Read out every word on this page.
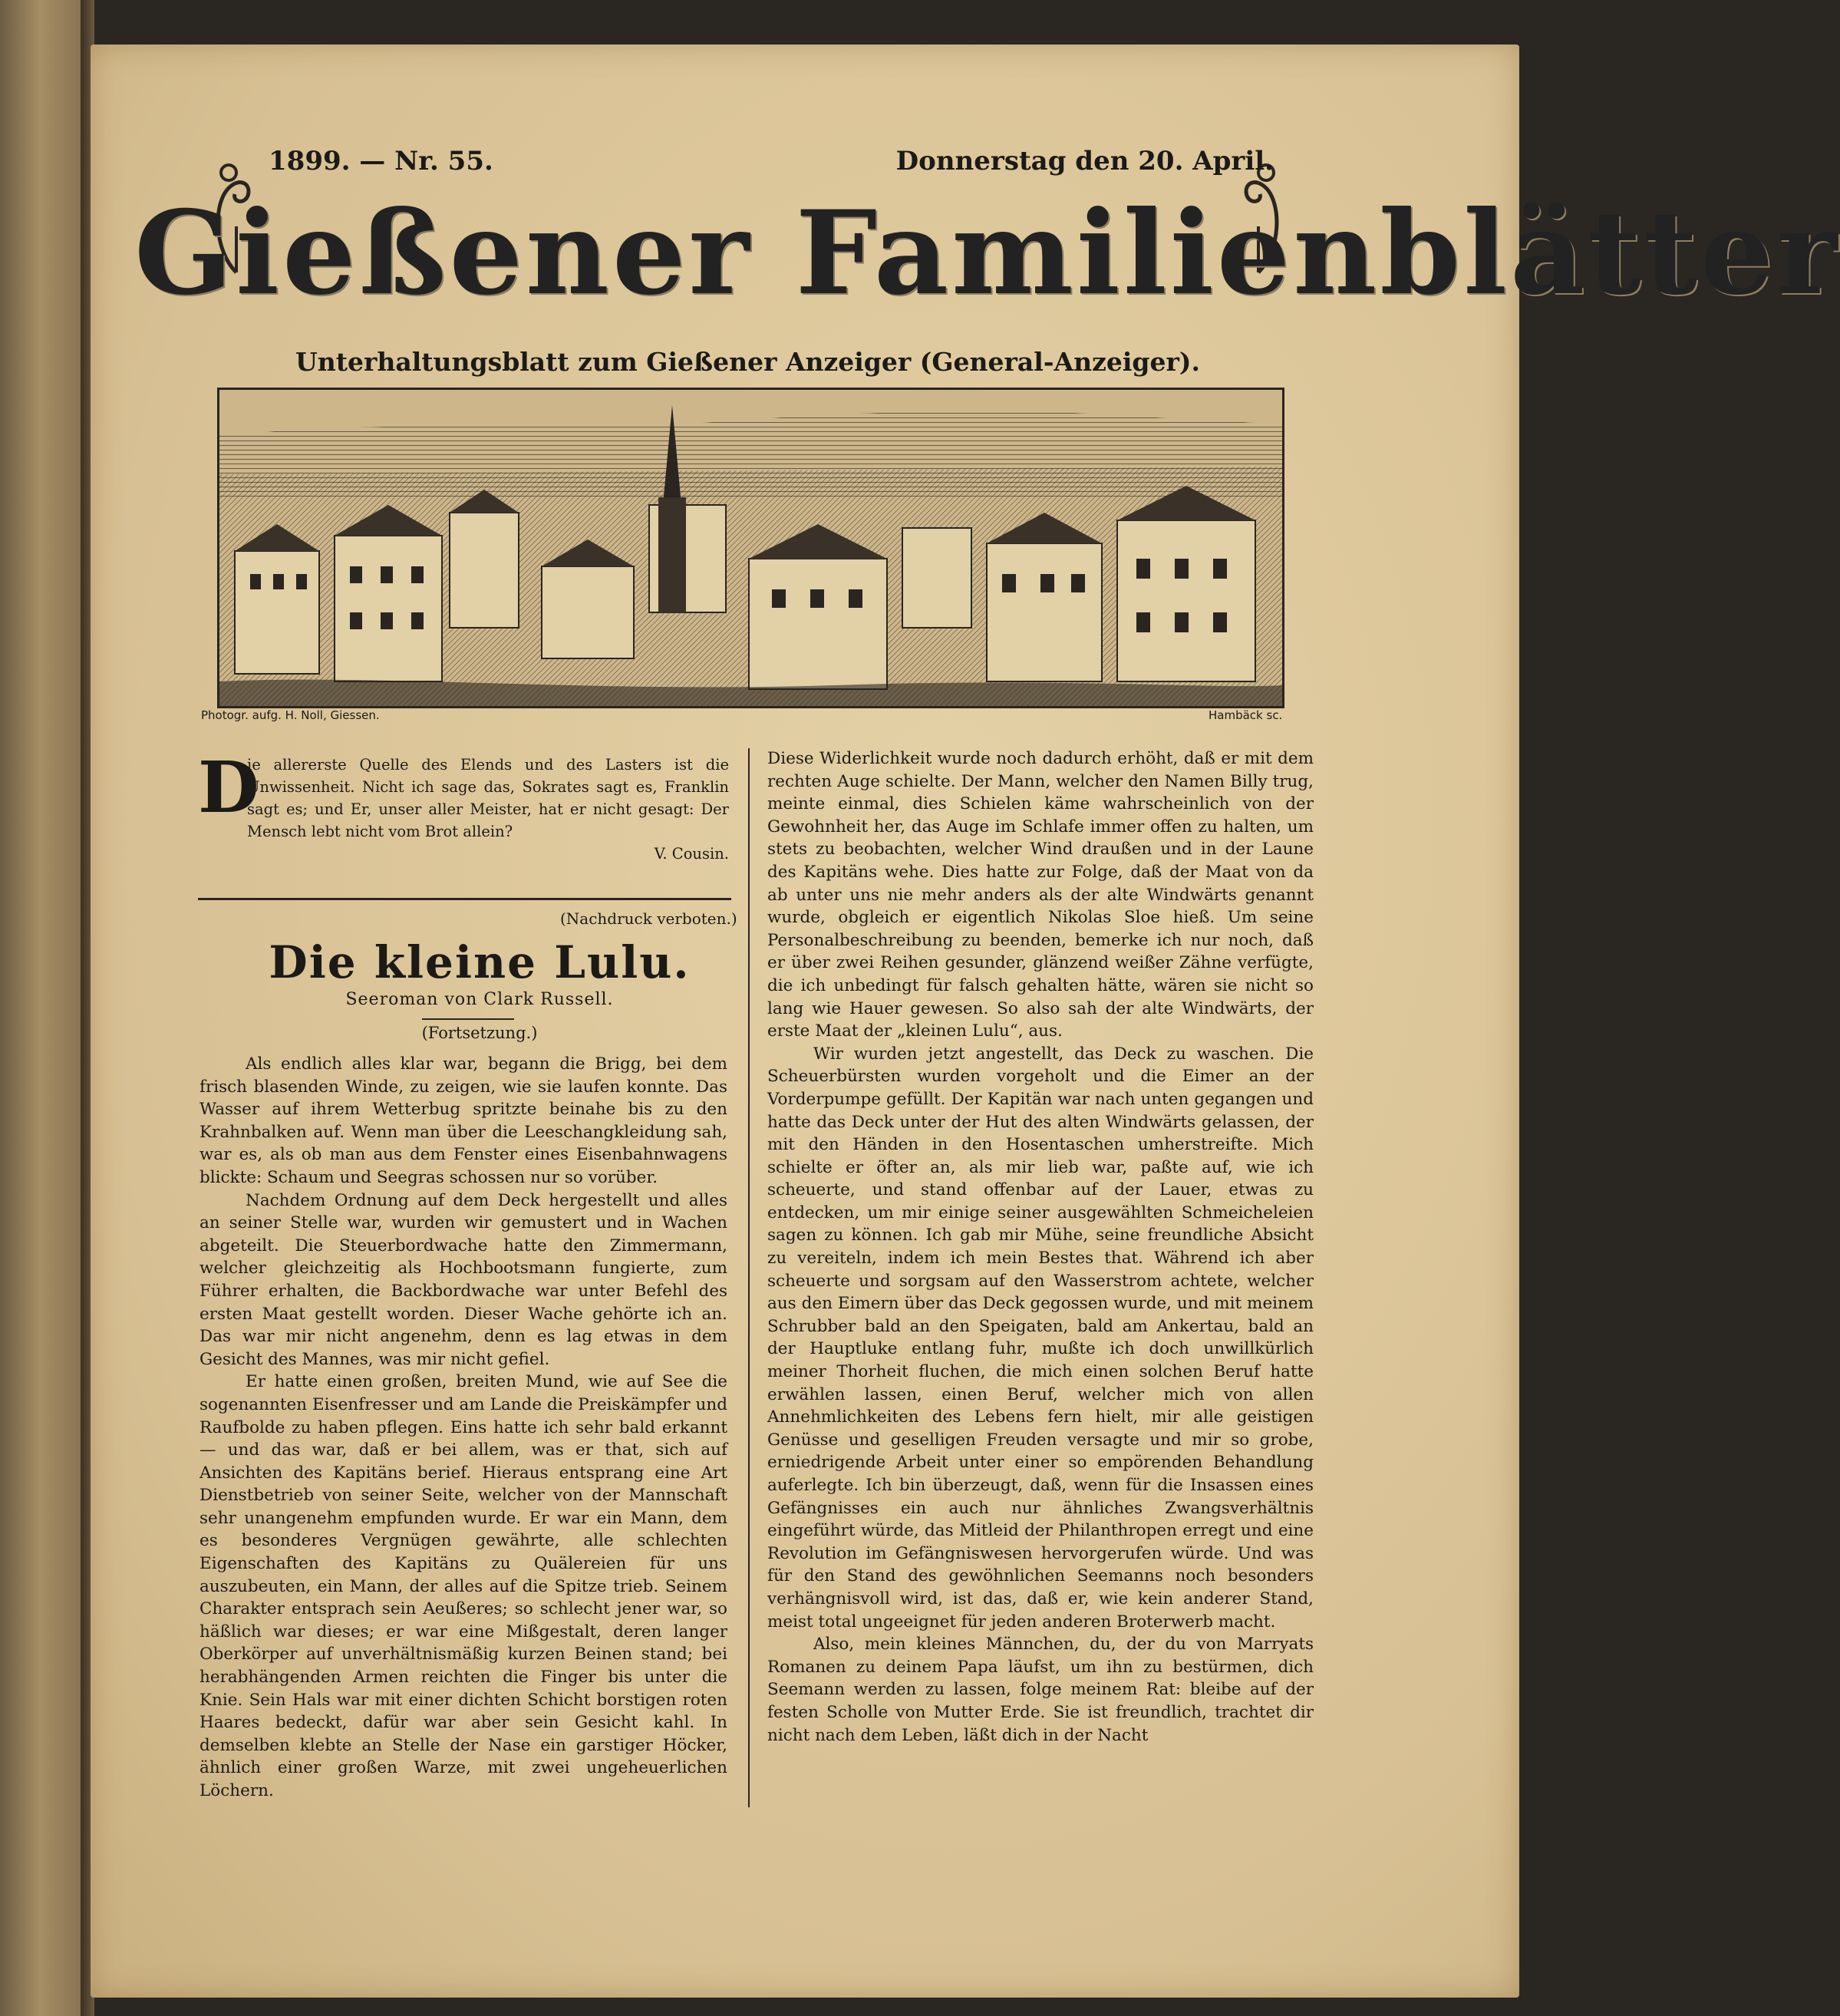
1899. — Nr. 55.	Donnerstag den 20. April.
Gießener Familienblätter
Unterhaltungsblatt zum Gießener Anzeiger (General-Anzeiger).
Photogr. aufg. H. Noll, Giessen.	Hambäck sc.
D
ie allererste Quelle des Elends und des Lasters ist die Unwissenheit. Nicht ich sage das, Sokrates sagt es, Franklin sagt es; und Er, unser aller Meister, hat er nicht gesagt: Der Mensch lebt nicht vom Brot allein?
V. Cousin.
(Nachdruck verboten.)
Die kleine Lulu.
Seeroman von Clark Russell.
(Fortsetzung.)

Als endlich alles klar war, begann die Brigg, bei dem frisch blasenden Winde, zu zeigen, wie sie laufen konnte. Das Wasser auf ihrem Wetterbug spritzte beinahe bis zu den Krahnbalken auf. Wenn man über die Leeschangkleidung sah, war es, als ob man aus dem Fenster eines Eisenbahnwagens blickte: Schaum und Seegras schossen nur so vorüber.

Nachdem Ordnung auf dem Deck hergestellt und alles an seiner Stelle war, wurden wir gemustert und in Wachen abgeteilt. Die Steuerbordwache hatte den Zimmermann, welcher gleichzeitig als Hochbootsmann fungierte, zum Führer erhalten, die Backbordwache war unter Befehl des ersten Maat gestellt worden. Dieser Wache gehörte ich an. Das war mir nicht angenehm, denn es lag etwas in dem Gesicht des Mannes, was mir nicht gefiel.

Er hatte einen großen, breiten Mund, wie auf See die sogenannten Eisenfresser und am Lande die Preiskämpfer und Raufbolde zu haben pflegen. Eins hatte ich sehr bald erkannt — und das war, daß er bei allem, was er that, sich auf Ansichten des Kapitäns berief. Hieraus entsprang eine Art Dienstbetrieb von seiner Seite, welcher von der Mannschaft sehr unangenehm empfunden wurde. Er war ein Mann, dem es besonderes Vergnügen gewährte, alle schlechten Eigenschaften des Kapitäns zu Quälereien für uns auszubeuten, ein Mann, der alles auf die Spitze trieb. Seinem Charakter entsprach sein Aeußeres; so schlecht jener war, so häßlich war dieses; er war eine Mißgestalt, deren langer Oberkörper auf unverhältnismäßig kurzen Beinen stand; bei herabhängenden Armen reichten die Finger bis unter die Knie. Sein Hals war mit einer dichten Schicht borstigen roten Haares bedeckt, dafür war aber sein Gesicht kahl. In demselben klebte an Stelle der Nase ein garstiger Höcker, ähnlich einer großen Warze, mit zwei ungeheuerlichen Löchern.

Diese Widerlichkeit wurde noch dadurch erhöht, daß er mit dem rechten Auge schielte. Der Mann, welcher den Namen Billy trug, meinte einmal, dies Schielen käme wahrscheinlich von der Gewohnheit her, das Auge im Schlafe immer offen zu halten, um stets zu beobachten, welcher Wind draußen und in der Laune des Kapitäns wehe. Dies hatte zur Folge, daß der Maat von da ab unter uns nie mehr anders als der alte Windwärts genannt wurde, obgleich er eigentlich Nikolas Sloe hieß. Um seine Personalbeschreibung zu beenden, bemerke ich nur noch, daß er über zwei Reihen gesunder, glänzend weißer Zähne verfügte, die ich unbedingt für falsch gehalten hätte, wären sie nicht so lang wie Hauer gewesen. So also sah der alte Windwärts, der erste Maat der „kleinen Lulu“, aus.

Wir wurden jetzt angestellt, das Deck zu waschen. Die Scheuerbürsten wurden vorgeholt und die Eimer an der Vorderpumpe gefüllt. Der Kapitän war nach unten gegangen und hatte das Deck unter der Hut des alten Windwärts gelassen, der mit den Händen in den Hosentaschen umherstreifte. Mich schielte er öfter an, als mir lieb war, paßte auf, wie ich scheuerte, und stand offenbar auf der Lauer, etwas zu entdecken, um mir einige seiner ausgewählten Schmeicheleien sagen zu können. Ich gab mir Mühe, seine freundliche Absicht zu vereiteln, indem ich mein Bestes that. Während ich aber scheuerte und sorgsam auf den Wasserstrom achtete, welcher aus den Eimern über das Deck gegossen wurde, und mit meinem Schrubber bald an den Speigaten, bald am Ankertau, bald an der Hauptluke entlang fuhr, mußte ich doch unwillkürlich meiner Thorheit fluchen, die mich einen solchen Beruf hatte erwählen lassen, einen Beruf, welcher mich von allen Annehmlichkeiten des Lebens fern hielt, mir alle geistigen Genüsse und geselligen Freuden versagte und mir so grobe, erniedrigende Arbeit unter einer so empörenden Behandlung auferlegte. Ich bin überzeugt, daß, wenn für die Insassen eines Gefängnisses ein auch nur ähnliches Zwangsverhältnis eingeführt würde, das Mitleid der Philanthropen erregt und eine Revolution im Gefängniswesen hervorgerufen würde. Und was für den Stand des gewöhnlichen Seemanns noch besonders verhängnisvoll wird, ist das, daß er, wie kein anderer Stand, meist total ungeeignet für jeden anderen Broterwerb macht.

Also, mein kleines Männchen, du, der du von Marryats Romanen zu deinem Papa läufst, um ihn zu bestürmen, dich Seemann werden zu lassen, folge meinem Rat: bleibe auf der festen Scholle von Mutter Erde. Sie ist freundlich, trachtet dir nicht nach dem Leben, läßt dich in der Nacht
